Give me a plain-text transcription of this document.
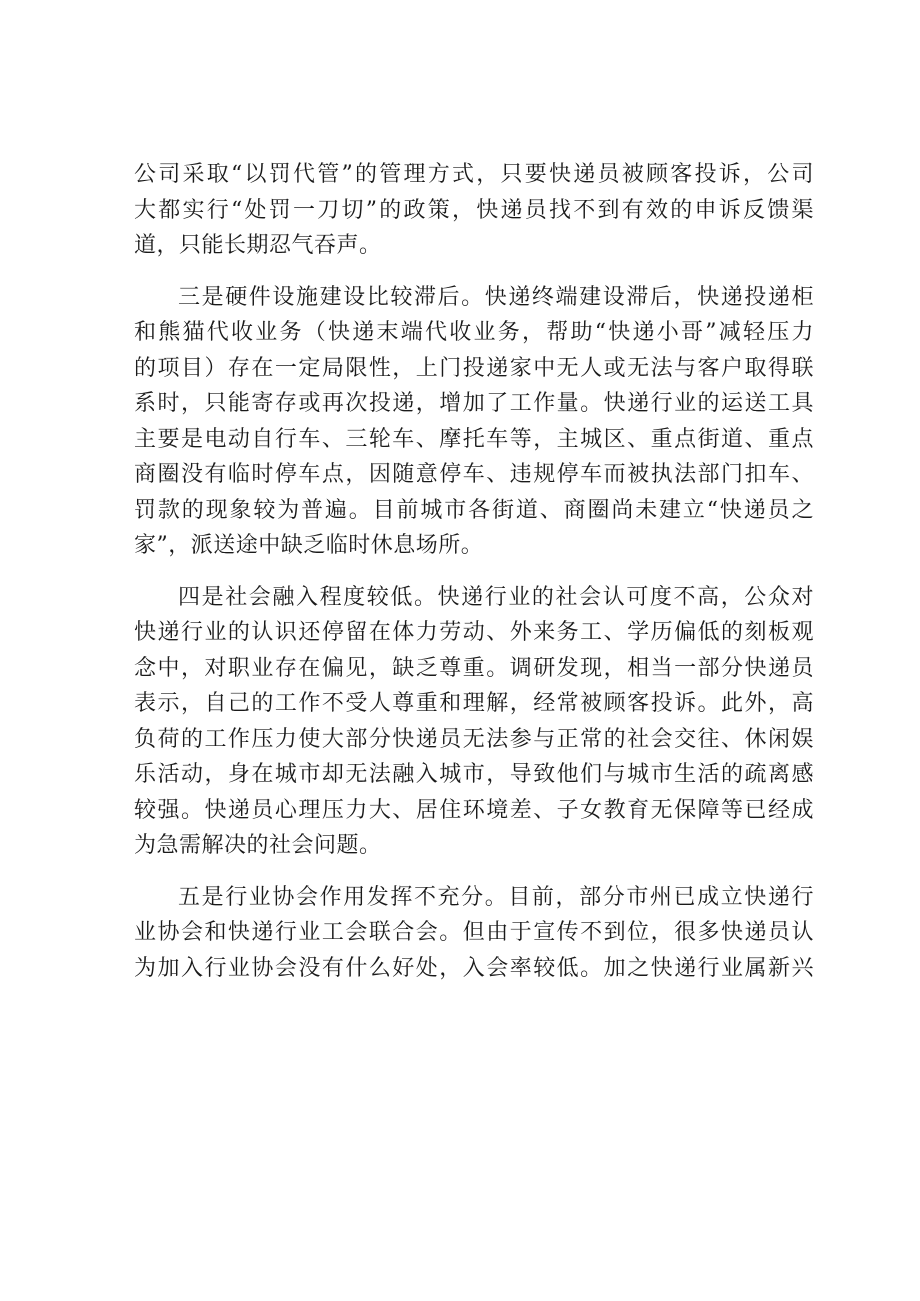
公司采取“以罚代管”的管理方式，只要快递员被顾客投诉，公司
大都实行“处罚一刀切”的政策，快递员找不到有效的申诉反馈渠
道，只能长期忍气吞声。
三是硬件设施建设比较滞后。快递终端建设滞后，快递投递柜
和熊猫代收业务（快递末端代收业务，帮助“快递小哥”减轻压力
的项目）存在一定局限性，上门投递家中无人或无法与客户取得联
系时，只能寄存或再次投递，增加了工作量。快递行业的运送工具
主要是电动自行车、三轮车、摩托车等，主城区、重点街道、重点
商圈没有临时停车点，因随意停车、违规停车而被执法部门扣车、
罚款的现象较为普遍。目前城市各街道、商圈尚未建立“快递员之
家”，派送途中缺乏临时休息场所。
四是社会融入程度较低。快递行业的社会认可度不高，公众对
快递行业的认识还停留在体力劳动、外来务工、学历偏低的刻板观
念中，对职业存在偏见，缺乏尊重。调研发现，相当一部分快递员
表示，自己的工作不受人尊重和理解，经常被顾客投诉。此外，高
负荷的工作压力使大部分快递员无法参与正常的社会交往、休闲娱
乐活动，身在城市却无法融入城市，导致他们与城市生活的疏离感
较强。快递员心理压力大、居住环境差、子女教育无保障等已经成
为急需解决的社会问题。
五是行业协会作用发挥不充分。目前，部分市州已成立快递行
业协会和快递行业工会联合会。但由于宣传不到位，很多快递员认
为加入行业协会没有什么好处，入会率较低。加之快递行业属新兴
